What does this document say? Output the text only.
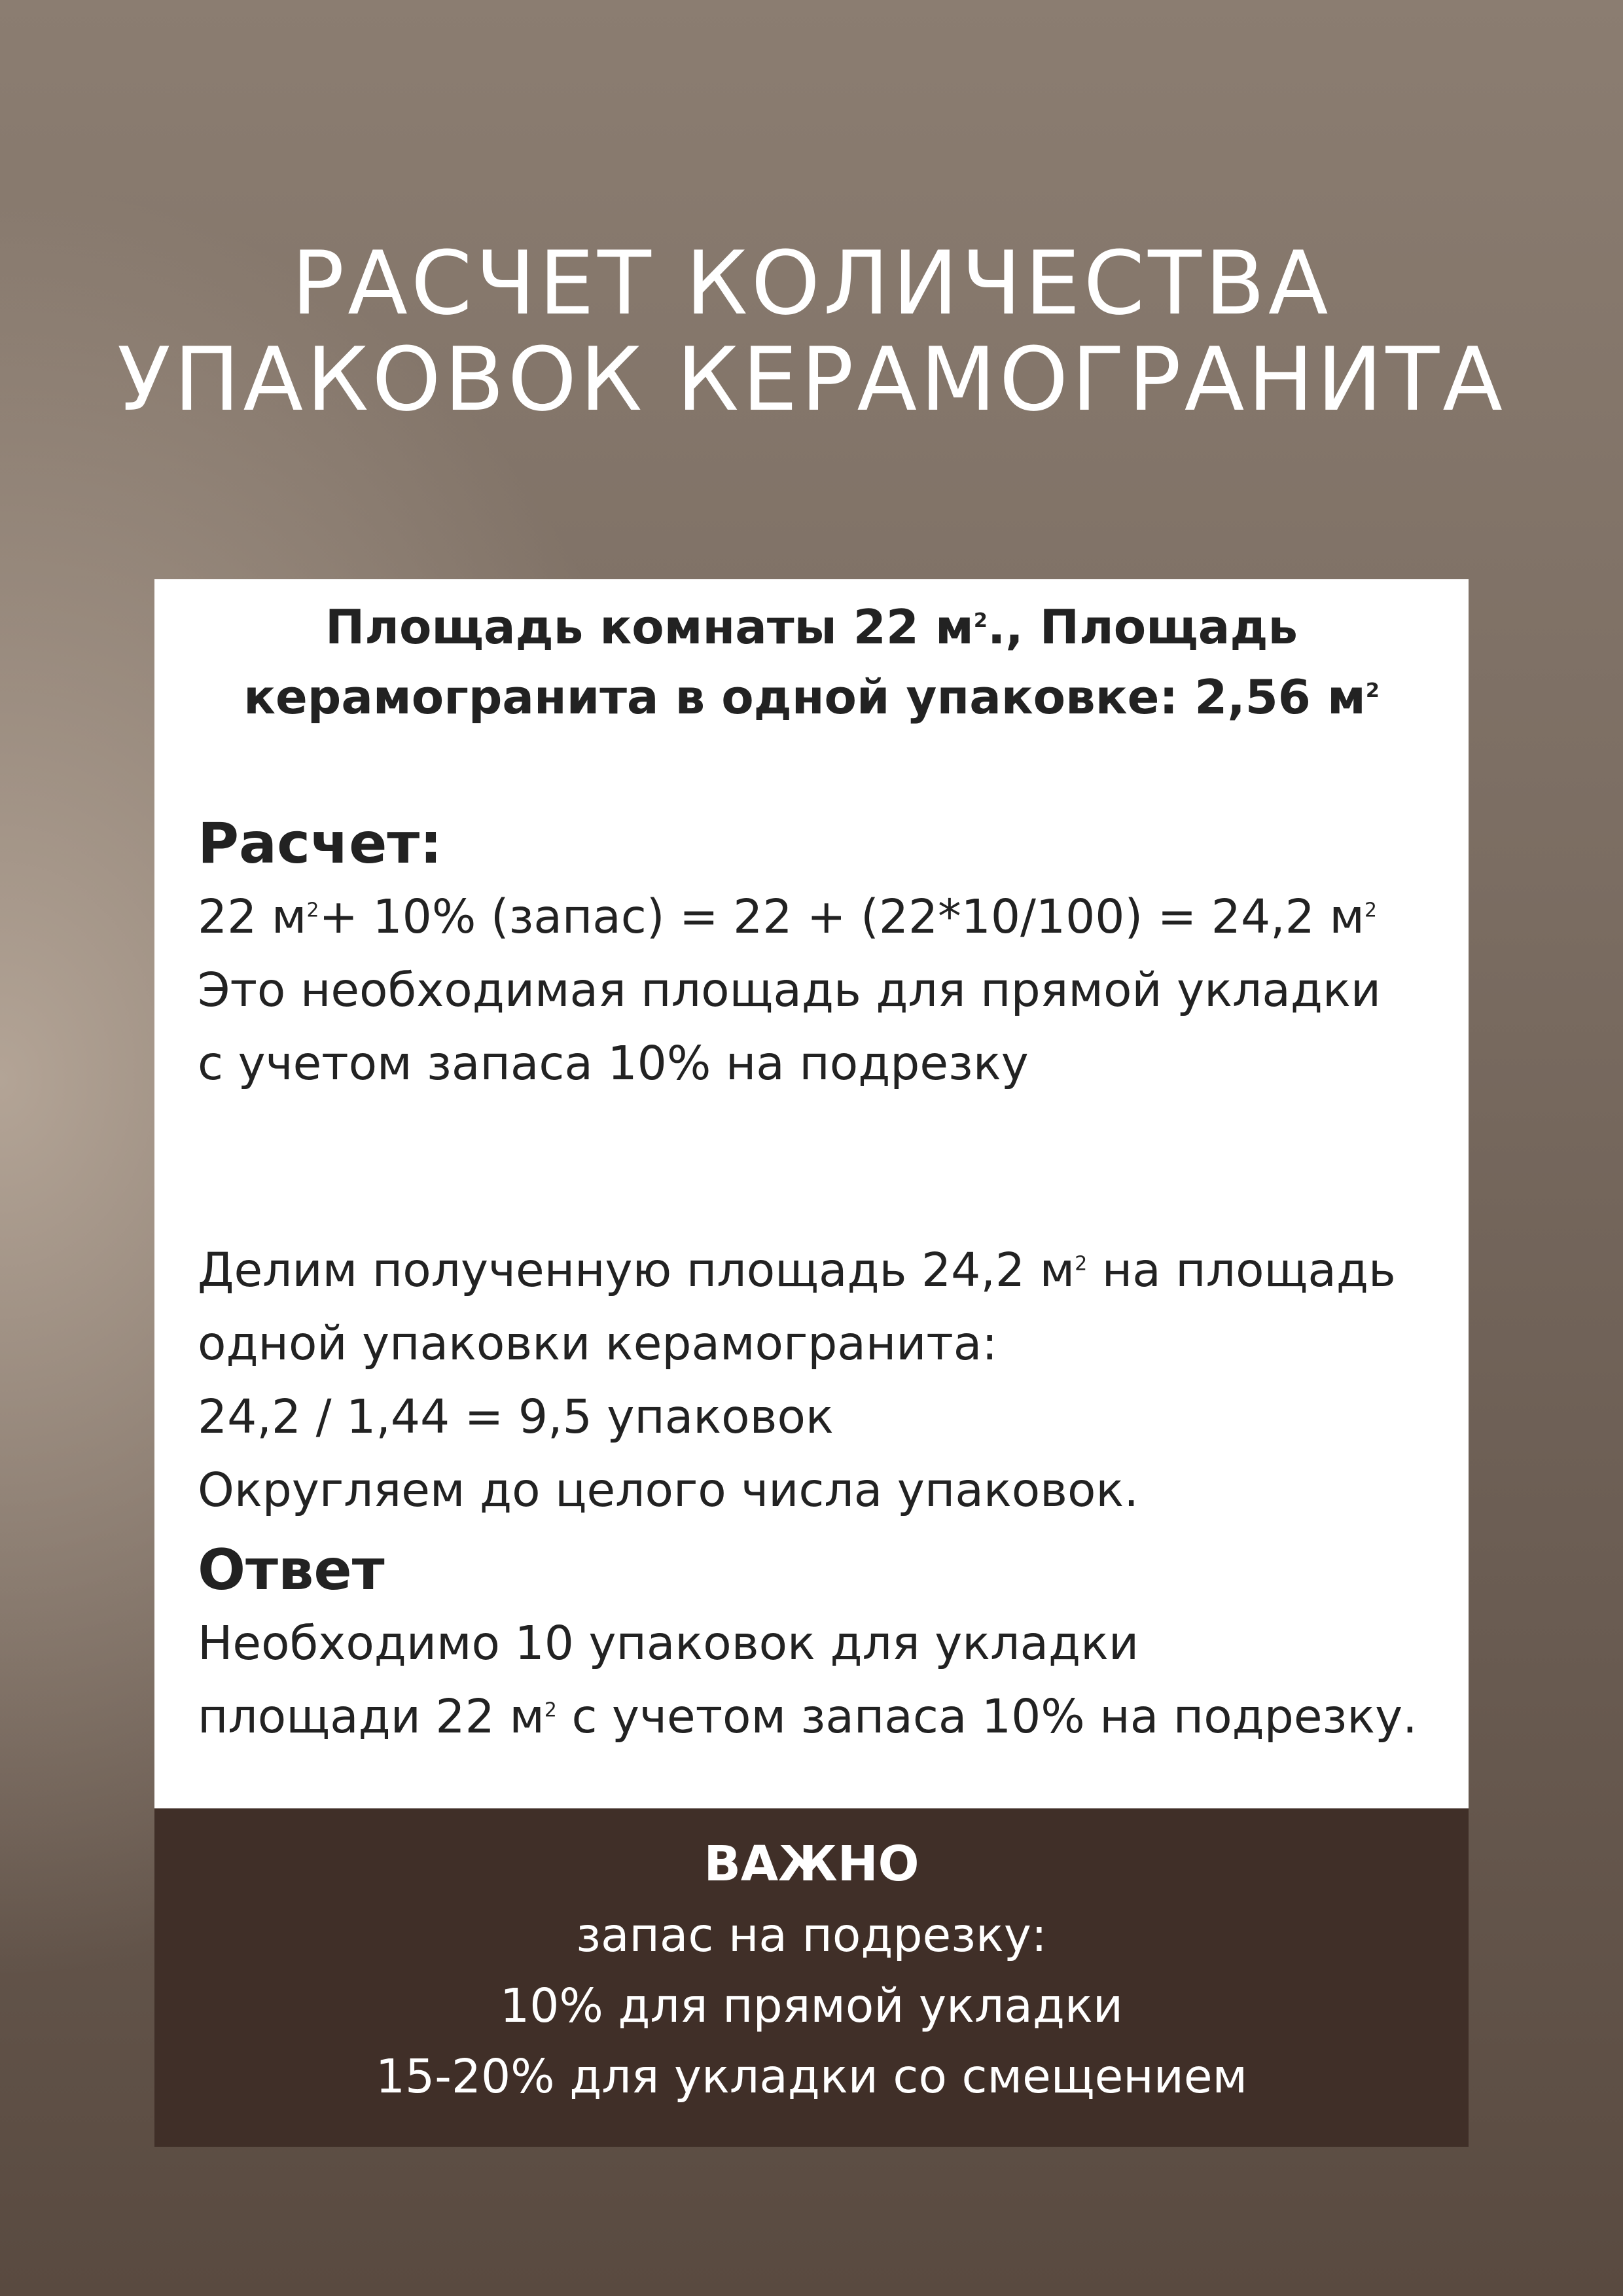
РАСЧЕТ КОЛИЧЕСТВА
УПАКОВОК КЕРАМОГРАНИТА
Площадь комнаты 22 $м^2$., Площадь
керамогранита в одной упаковке: 2,56 $м^2$
Расчет:
22 $м^2+ 10\%$ (запас) = 22 + (22*10/100) = 24,2 $м^2$
Это необходимая площадь для прямой укладки
с учетом запаса 10% на подрезку
Делим полученную площадь 24,2 $м^2$ на площадь
одной упаковки керамогранита:
24,2 / 1,44 = 9,5 упаковок
Округляем до целого числа упаковок.
Ответ
Необходимо 10 упаковок для укладки
площади 22 $м^2$ с учетом запаса 10% на подрезку.
ВАЖНО
запас на подрезку:
10% для прямой укладки
15-20% для укладки со смещением
